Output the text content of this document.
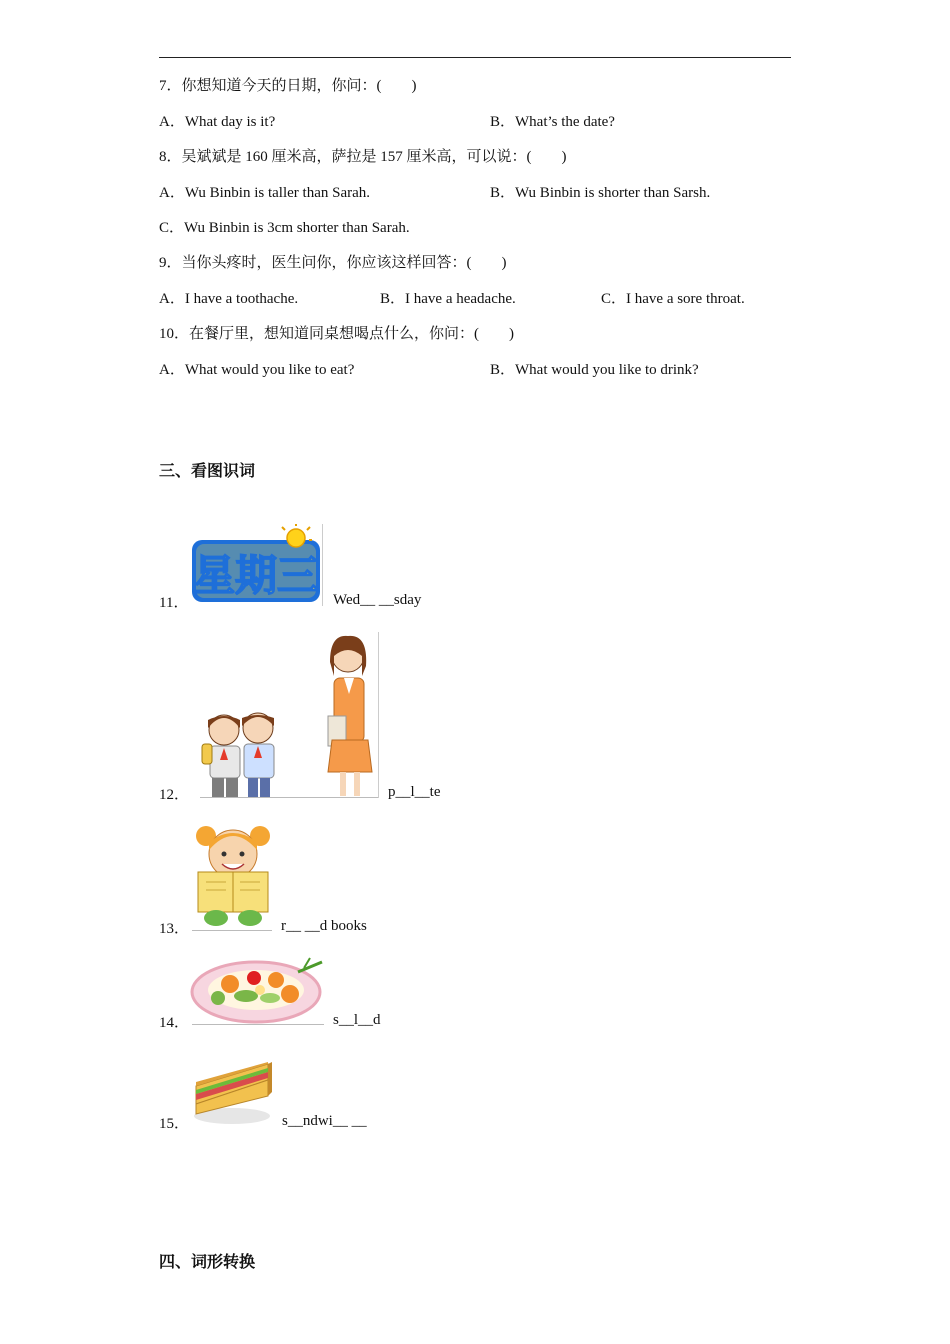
7．你想知道今天的日期，你问：(　　)
A．What day is it?	B．What’s the date?
8．吴斌斌是 160 厘米高，萨拉是 157 厘米高，可以说：(　　)
A．Wu Binbin is taller than Sarah.	B．Wu Binbin is shorter than Sarsh.
C．Wu Binbin is 3cm shorter than Sarah.
9．当你头疼时，医生问你，你应该这样回答：(　　)
A．I have a toothache.	B．I have a headache.	C．I have a sore throat.
10．在餐厅里，想知道同桌想喝点什么，你问：(　　)
A．What would you like to eat?	B．What would you like to drink?
三、看图识词
11．
星期三 Wed__ __sday
12．	p__l__te
13．	r__ __d books
14．	s__l__d
15．	s__ndwi__ __
四、词形转换
